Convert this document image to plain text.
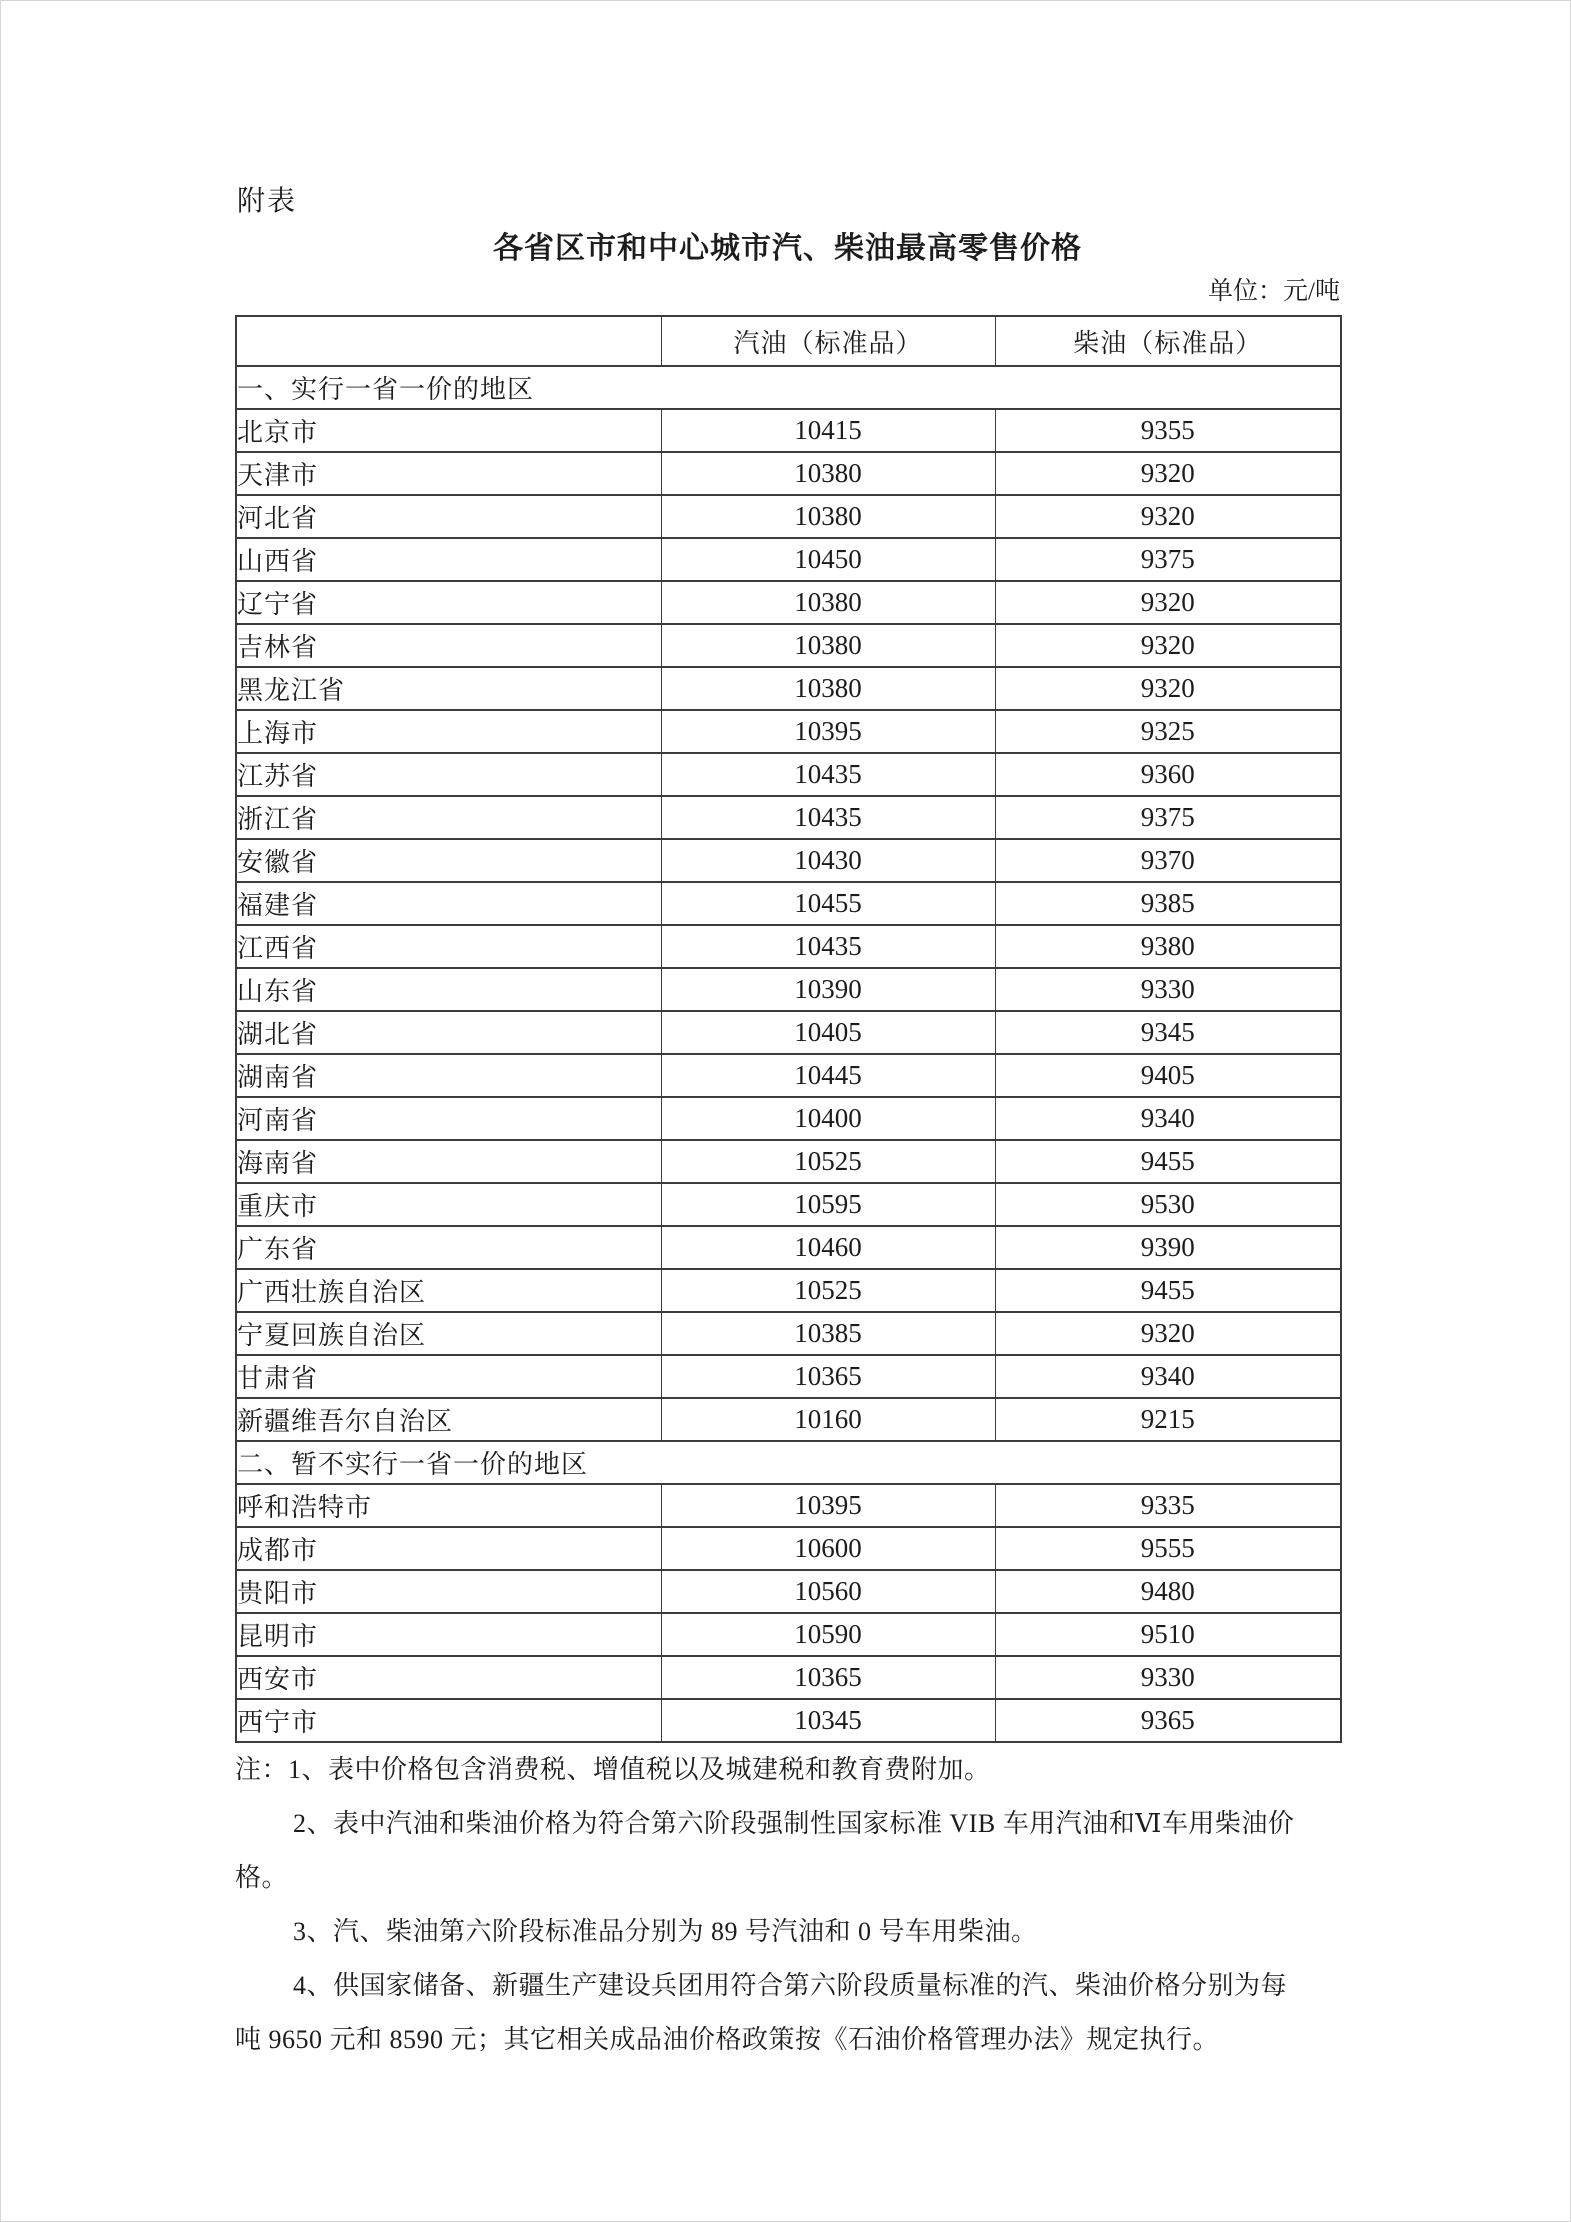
附表
各省区市和中心城市汽、柴油最高零售价格
单位：元/吨
	汽油（标准品）	柴油（标准品）
一、实行一省一价的地区		
北京市	10415	9355
天津市	10380	9320
河北省	10380	9320
山西省	10450	9375
辽宁省	10380	9320
吉林省	10380	9320
黑龙江省	10380	9320
上海市	10395	9325
江苏省	10435	9360
浙江省	10435	9375
安徽省	10430	9370
福建省	10455	9385
江西省	10435	9380
山东省	10390	9330
湖北省	10405	9345
湖南省	10445	9405
河南省	10400	9340
海南省	10525	9455
重庆市	10595	9530
广东省	10460	9390
广西壮族自治区	10525	9455
宁夏回族自治区	10385	9320
甘肃省	10365	9340
新疆维吾尔自治区	10160	9215
二、暂不实行一省一价的地区		
呼和浩特市	10395	9335
成都市	10600	9555
贵阳市	10560	9480
昆明市	10590	9510
西安市	10365	9330
西宁市	10345	9365
注：1、表中价格包含消费税、增值税以及城建税和教育费附加。
2、表中汽油和柴油价格为符合第六阶段强制性国家标准 VIB 车用汽油和Ⅵ车用柴油价
格。
3、汽、柴油第六阶段标准品分别为 89 号汽油和 0 号车用柴油。
4、供国家储备、新疆生产建设兵团用符合第六阶段质量标准的汽、柴油价格分别为每
吨 9650 元和 8590 元；其它相关成品油价格政策按《石油价格管理办法》规定执行。
